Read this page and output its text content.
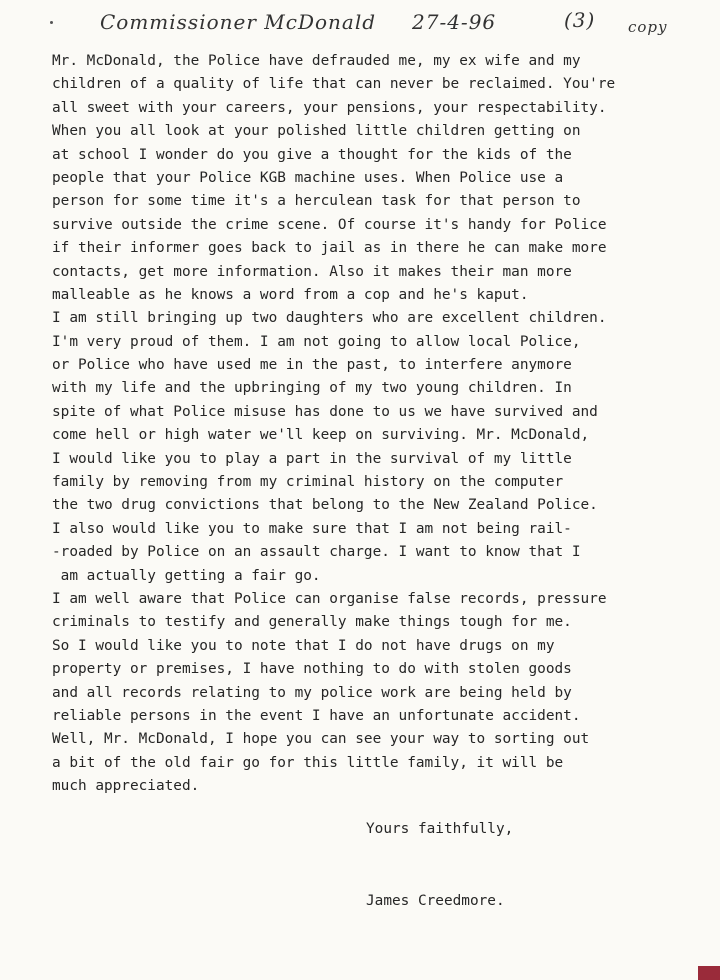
Commissioner McDonald 27-4-96	(3) copy
Mr. McDonald, the Police have defrauded me, my ex wife and my
children of a quality of life that can never be reclaimed. You're
all sweet with your careers, your pensions, your respectability.
When you all look at your polished little children getting on
at school I wonder do you give a thought for the kids of the
people that your Police KGB machine uses. When Police use a
person for some time it's a herculean task for that person to
survive outside the crime scene. Of course it's handy for Police
if their informer goes back to jail as in there he can make more
contacts, get more information. Also it makes their man more
malleable as he knows a word from a cop and he's kaput.
I am still bringing up two daughters who are excellent children.
I'm very proud of them. I am not going to allow local Police,
or Police who have used me in the past, to interfere anymore
with my life and the upbringing of my two young children. In
spite of what Police misuse has done to us we have survived and
come hell or high water we'll keep on surviving. Mr. McDonald,
I would like you to play a part in the survival of my little
family by removing from my criminal history on the computer
the two drug convictions that belong to the New Zealand Police.
I also would like you to make sure that I am not being rail-
-roaded by Police on an assault charge. I want to know that I
am actually getting a fair go.
I am well aware that Police can organise false records, pressure
criminals to testify and generally make things tough for me.
So I would like you to note that I do not have drugs on my
property or premises, I have nothing to do with stolen goods
and all records relating to my police work are being held by
reliable persons in the event I have an unfortunate accident.
Well, Mr. McDonald, I hope you can see your way to sorting out
a bit of the old fair go for this little family, it will be
much appreciated.
Yours faithfully,
James Creedmore.
